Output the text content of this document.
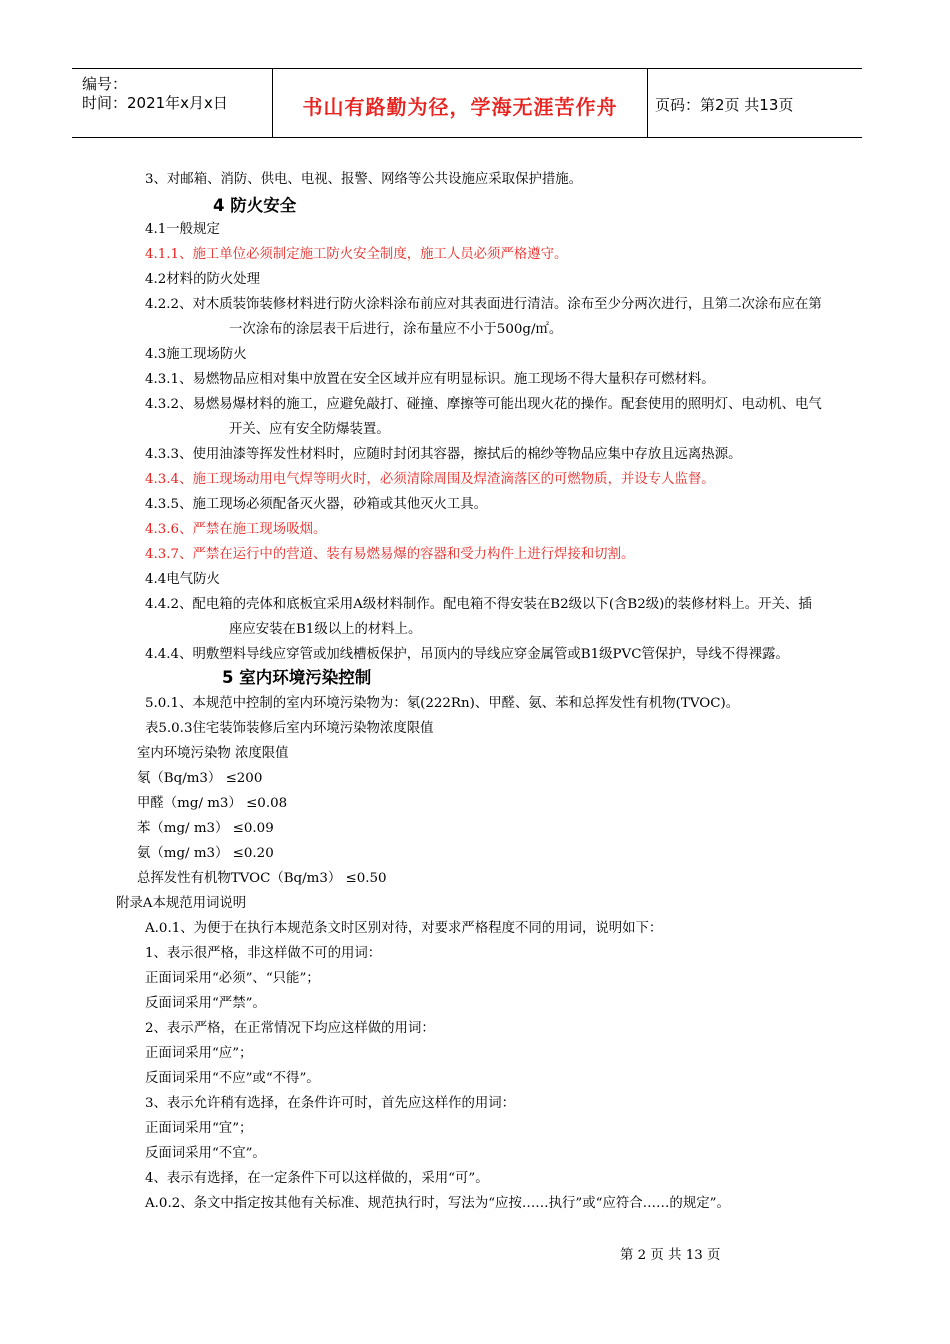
编号：
时间：2021年x月x日	书山有路勤为径，学海无涯苦作舟	页码：第2页 共13页
3、对邮箱、消防、供电、电视、报警、网络等公共设施应采取保护措施。
4 防火安全
4.1一般规定
4.1.1、施工单位必须制定施工防火安全制度，施工人员必须严格遵守。
4.2材料的防火处理
4.2.2、对木质装饰装修材料进行防火涂料涂布前应对其表面进行清洁。涂布至少分两次进行，且第二次涂布应在第
一次涂布的涂层表干后进行，涂布量应不小于500g/㎡。
4.3施工现场防火
4.3.1、易燃物品应相对集中放置在安全区域并应有明显标识。施工现场不得大量积存可燃材料。
4.3.2、易燃易爆材料的施工，应避免敲打、碰撞、摩擦等可能出现火花的操作。配套使用的照明灯、电动机、电气
开关、应有安全防爆装置。
4.3.3、使用油漆等挥发性材料时，应随时封闭其容器，擦拭后的棉纱等物品应集中存放且远离热源。
4.3.4、施工现场动用电气焊等明火时，必须清除周围及焊渣滴落区的可燃物质，并设专人监督。
4.3.5、施工现场必须配备灭火器，砂箱或其他灭火工具。
4.3.6、严禁在施工现场吸烟。
4.3.7、严禁在运行中的营道、装有易燃易爆的容器和受力构件上进行焊接和切割。
4.4电气防火
4.4.2、配电箱的壳体和底板宜采用A级材料制作。配电箱不得安装在B2级以下(含B2级)的装修材料上。开关、插
座应安装在B1级以上的材料上。
4.4.4、明敷塑料导线应穿管或加线槽板保护，吊顶内的导线应穿金属管或B1级PVC管保护，导线不得裸露。
5 室内环境污染控制
5.0.1、本规范中控制的室内环境污染物为：氡(222Rn)、甲醛、氨、苯和总挥发性有机物(TVOC)。
表5.0.3住宅装饰装修后室内环境污染物浓度限值
室内环境污染物 浓度限值
氡（Bq/m3） ≤200
甲醛（mg/ m3） ≤0.08
苯（mg/ m3） ≤0.09
氨（mg/ m3） ≤0.20
总挥发性有机物TVOC（Bq/m3） ≤0.50
附录A本规范用词说明
A.0.1、为便于在执行本规范条文时区别对待，对要求严格程度不同的用词，说明如下：
1、表示很严格，非这样做不可的用词：
正面词采用“必须”、“只能”；
反面词采用“严禁”。
2、表示严格，在正常情况下均应这样做的用词：
正面词采用“应”；
反面词采用“不应”或“不得”。
3、表示允许稍有选择，在条件许可时，首先应这样作的用词：
正面词采用“宜”；
反面词采用“不宜”。
4、表示有选择，在一定条件下可以这样做的，采用“可”。
A.0.2、条文中指定按其他有关标准、规范执行时，写法为“应按……执行”或“应符合……的规定”。
第 2 页 共 13 页
